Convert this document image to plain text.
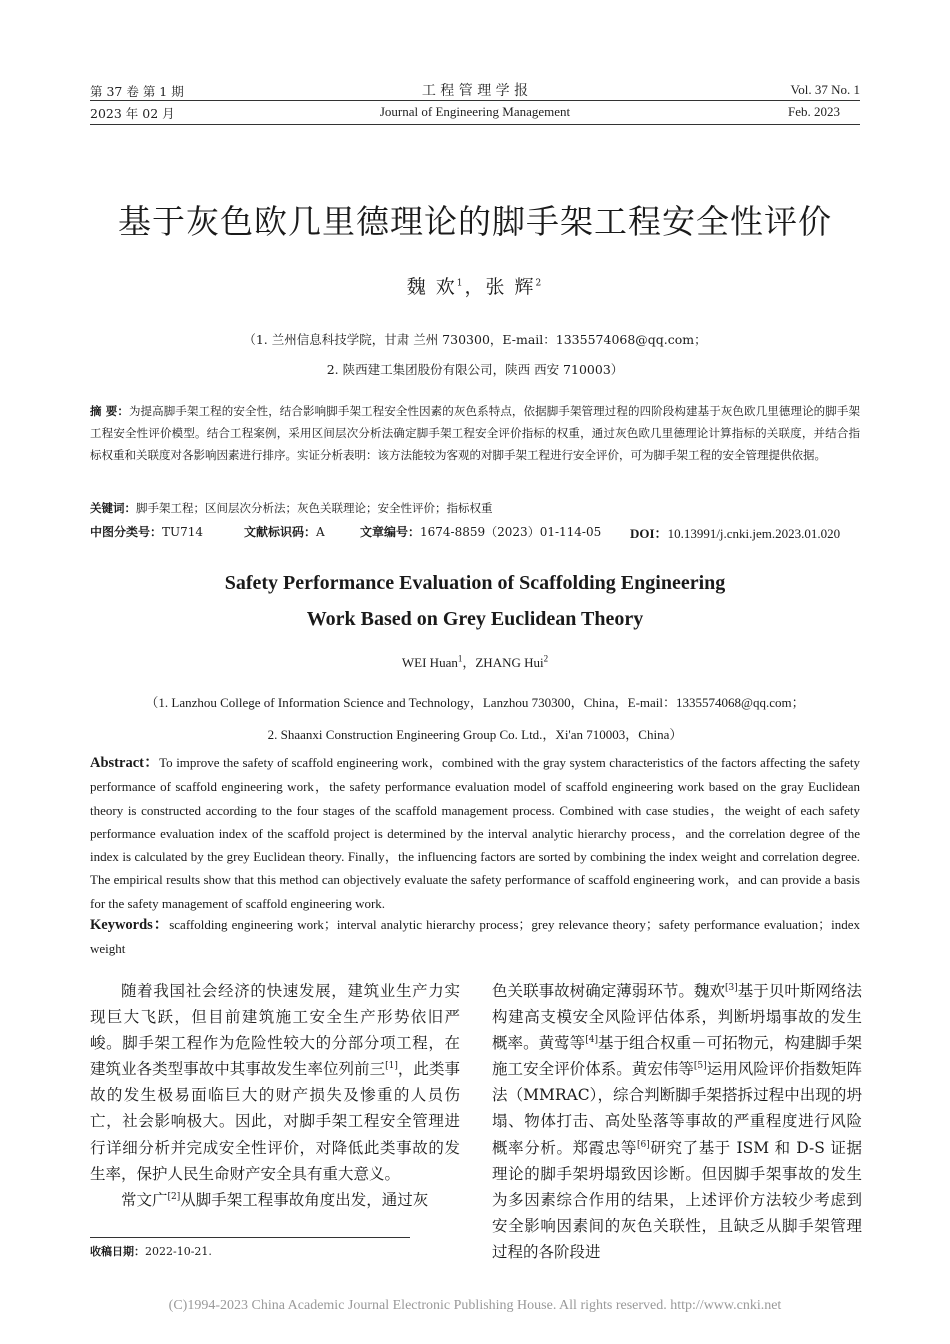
第 37 卷 第 1 期
2023 年 02 月
工 程 管 理 学 报
Journal of Engineering Management
Vol. 37 No. 1
Feb. 2023
基于灰色欧几里德理论的脚手架工程安全性评价
魏 欢$^1$，张 辉$^2$
（1. 兰州信息科技学院，甘肃 兰州 730300，E-mail：1335574068@qq.com；
2. 陕西建工集团股份有限公司，陕西 西安 710003）
摘 要：为提高脚手架工程的安全性，结合影响脚手架工程安全性因素的灰色系特点，依据脚手架管理过程的四阶段构建基于灰色欧几里德理论的脚手架工程安全性评价模型。结合工程案例，采用区间层次分析法确定脚手架工程安全评价指标的权重，通过灰色欧几里德理论计算指标的关联度，并结合指标权重和关联度对各影响因素进行排序。实证分析表明：该方法能较为客观的对脚手架工程进行安全评价，可为脚手架工程的安全管理提供依据。
关键词：脚手架工程；区间层次分析法；灰色关联理论；安全性评价；指标权重
中图分类号：TU714	文献标识码：A	文章编号：1674-8859（2023）01-114-05 DOI：10.13991/j.cnki.jem.2023.01.020
Safety Performance Evaluation of Scaffolding Engineering
Work Based on Grey Euclidean Theory
WEI Huan$^1$，ZHANG Hui$^2$
（1. Lanzhou College of Information Science and Technology，Lanzhou 730300，China，E-mail：1335574068@qq.com；
2. Shaanxi Construction Engineering Group Co. Ltd.，Xi'an 710003，China）
Abstract：To improve the safety of scaffold engineering work，combined with the gray system characteristics of the factors affecting the safety performance of scaffold engineering work，the safety performance evaluation model of scaffold engineering work based on the gray Euclidean theory is constructed according to the four stages of the scaffold management process. Combined with case studies，the weight of each safety performance evaluation index of the scaffold project is determined by the interval analytic hierarchy process，and the correlation degree of the index is calculated by the grey Euclidean theory. Finally，the influencing factors are sorted by combining the index weight and correlation degree. The empirical results show that this method can objectively evaluate the safety performance of scaffold engineering work，and can provide a basis for the safety management of scaffold engineering work.
Keywords：scaffolding engineering work；interval analytic hierarchy process；grey relevance theory；safety performance evaluation；index weight

随着我国社会经济的快速发展，建筑业生产力实现巨大飞跃，但目前建筑施工安全生产形势依旧严峻。脚手架工程作为危险性较大的分部分项工程，在建筑业各类型事故中其事故发生率位列前三[1]，此类事故的发生极易面临巨大的财产损失及惨重的人员伤亡，社会影响极大。因此，对脚手架工程安全管理进行详细分析并完成安全性评价，对降低此类事故的发生率，保护人民生命财产安全具有重大意义。

常文广[2]从脚手架工程事故角度出发，通过灰

色关联事故树确定薄弱环节。魏欢[3]基于贝叶斯网络法构建高支模安全风险评估体系，判断坍塌事故的发生概率。黄莺等[4]基于组合权重－可拓物元，构建脚手架施工安全评价体系。黄宏伟等[5]运用风险评价指数矩阵法（MMRAC），综合判断脚手架搭拆过程中出现的坍塌、物体打击、高处坠落等事故的严重程度进行风险概率分析。郑霞忠等[6]研究了基于 ISM 和 D-S 证据理论的脚手架坍塌致因诊断。但因脚手架事故的发生为多因素综合作用的结果，上述评价方法较少考虑到安全影响因素间的灰色关联性，且缺乏从脚手架管理过程的各阶段进

收稿日期：2022-10-21.
(C)1994-2023 China Academic Journal Electronic Publishing House. All rights reserved. http://www.cnki.net
